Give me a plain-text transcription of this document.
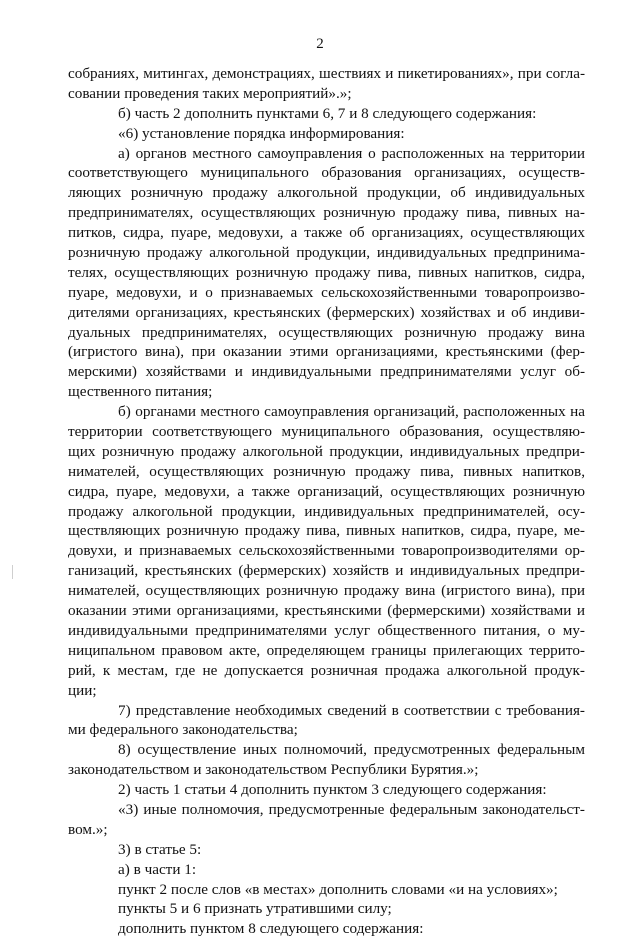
2
собраниях, митингах, демонстрациях, шествиях и пикетированиях», при согла-
совании проведения таких мероприятий».»;
б) часть 2 дополнить пунктами 6, 7 и 8 следующего содержания:
«6) установление порядка информирования:
а) органов местного самоуправления о расположенных на территории
соответствующего муниципального образования организациях, осуществ-
ляющих розничную продажу алкогольной продукции, об индивидуальных
предпринимателях, осуществляющих розничную продажу пива, пивных на-
питков, сидра, пуаре, медовухи, а также об организациях, осуществляющих
розничную продажу алкогольной продукции, индивидуальных предпринима-
телях, осуществляющих розничную продажу пива, пивных напитков, сидра,
пуаре, медовухи, и о признаваемых сельскохозяйственными товаропроизво-
дителями организациях, крестьянских (фермерских) хозяйствах и об индиви-
дуальных предпринимателях, осуществляющих розничную продажу вина
(игристого вина), при оказании этими организациями, крестьянскими (фер-
мерскими) хозяйствами и индивидуальными предпринимателями услуг об-
щественного питания;
б) органами местного самоуправления организаций, расположенных на
территории соответствующего муниципального образования, осуществляю-
щих розничную продажу алкогольной продукции, индивидуальных предпри-
нимателей, осуществляющих розничную продажу пива, пивных напитков,
сидра, пуаре, медовухи, а также организаций, осуществляющих розничную
продажу алкогольной продукции, индивидуальных предпринимателей, осу-
ществляющих розничную продажу пива, пивных напитков, сидра, пуаре, ме-
довухи, и признаваемых сельскохозяйственными товаропроизводителями ор-
ганизаций, крестьянских (фермерских) хозяйств и индивидуальных предпри-
нимателей, осуществляющих розничную продажу вина (игристого вина), при
оказании этими организациями, крестьянскими (фермерскими) хозяйствами и
индивидуальными предпринимателями услуг общественного питания, о му-
ниципальном правовом акте, определяющем границы прилегающих террито-
рий, к местам, где не допускается розничная продажа алкогольной продук-
ции;
7) представление необходимых сведений в соответствии с требования-
ми федерального законодательства;
8) осуществление иных полномочий, предусмотренных федеральным
законодательством и законодательством Республики Бурятия.»;
2) часть 1 статьи 4 дополнить пунктом 3 следующего содержания:
«3) иные полномочия, предусмотренные федеральным законодательст-
вом.»;
3) в статье 5:
а) в части 1:
пункт 2 после слов «в местах» дополнить словами «и на условиях»;
пункты 5 и 6 признать утратившими силу;
дополнить пунктом 8 следующего содержания:
